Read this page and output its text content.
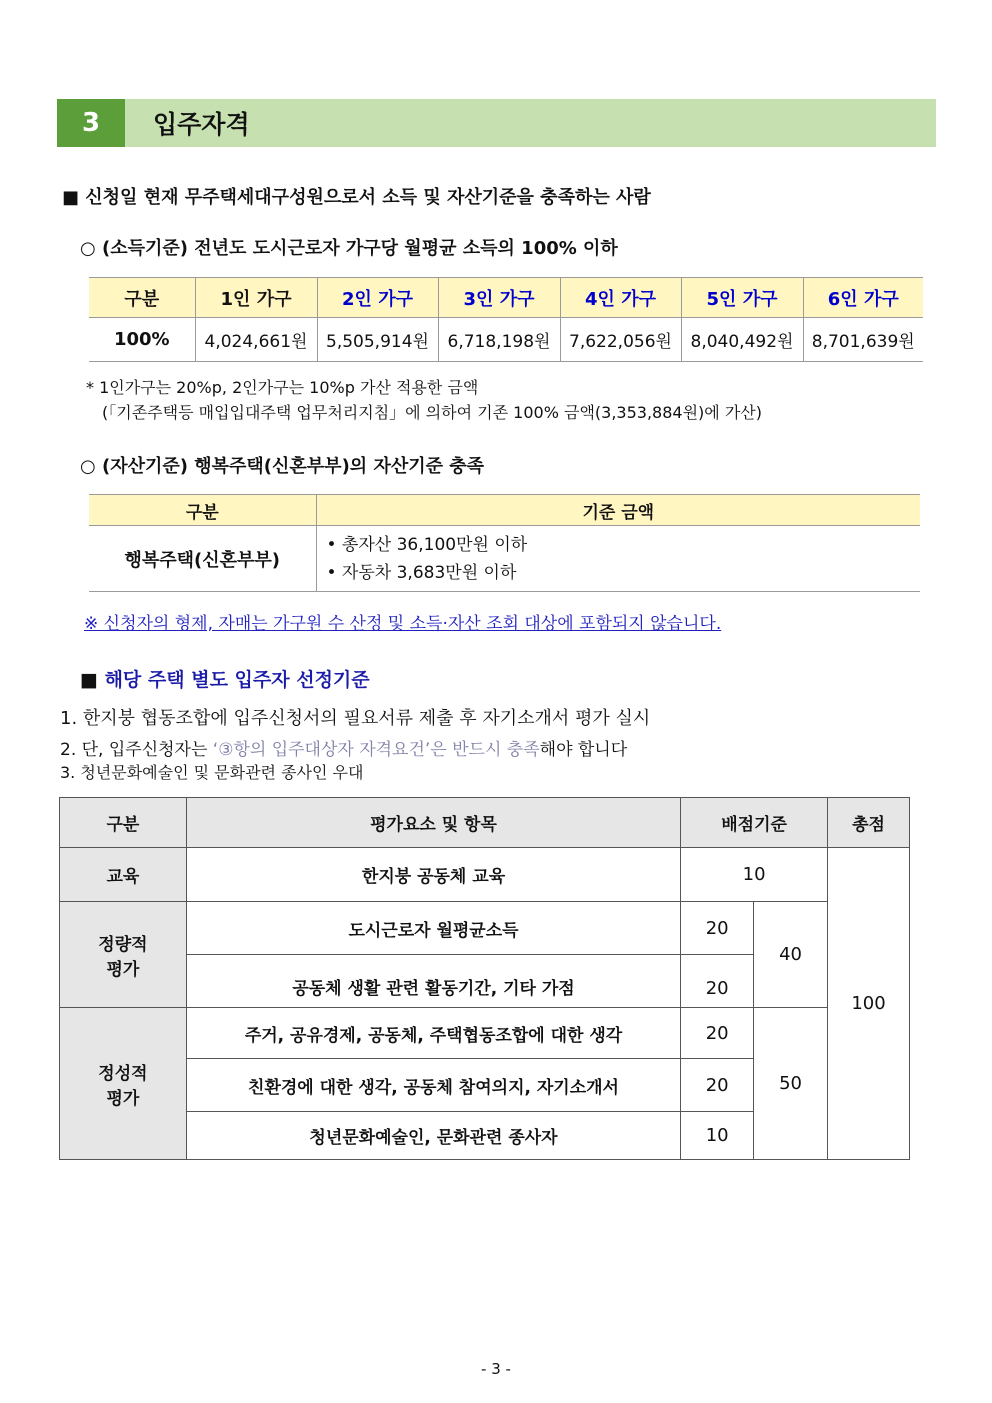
3	입주자격
■ 신청일 현재 무주택세대구성원으로서 소득 및 자산기준을 충족하는 사람
○ (소득기준) 전년도 도시근로자 가구당 월평균 소득의 100% 이하
구분	1인 가구	2인 가구	3인 가구	4인 가구	5인 가구	6인 가구
100%	4,024,661원	5,505,914원	6,718,198원	7,622,056원	8,040,492원	8,701,639원
* 1인가구는 20%p, 2인가구는 10%p 가산 적용한 금액
(「기존주택등 매입입대주택 업무처리지침」에 의하여 기존 100% 금액(3,353,884원)에 가산)
○ (자산기준) 행복주택(신혼부부)의 자산기준 충족
구분	기준 금액
행복주택(신혼부부)	• 총자산 36,100만원 이하
• 자동차 3,683만원 이하
※ 신청자의 형제, 자매는 가구원 수 산정 및 소득·자산 조회 대상에 포함되지 않습니다.
■ 해당 주택 별도 입주자 선정기준
1. 한지붕 협동조합에 입주신청서의 필요서류 제출 후 자기소개서 평가 실시
2. 단, 입주신청자는 ‘③항의 입주대상자 자격요건’은 반드시 충족해야 합니다
3. 청년문화예술인 및 문화관련 종사인 우대
구분	평가요소 및 항목	배점기준		총점
교육	한지붕 공동체 교육	10		100

정량적
평가	도시근로자 월평균소득	20	40	
	공동체 생활 관련 활동기간, 기타 가점	20		

정성적
평가	주거, 공유경제, 공동체, 주택협동조합에 대한 생각	20	50	
	친환경에 대한 생각, 공동체 참여의지, 자기소개서	20		
	청년문화예술인, 문화관련 종사자	10		
- 3 -
